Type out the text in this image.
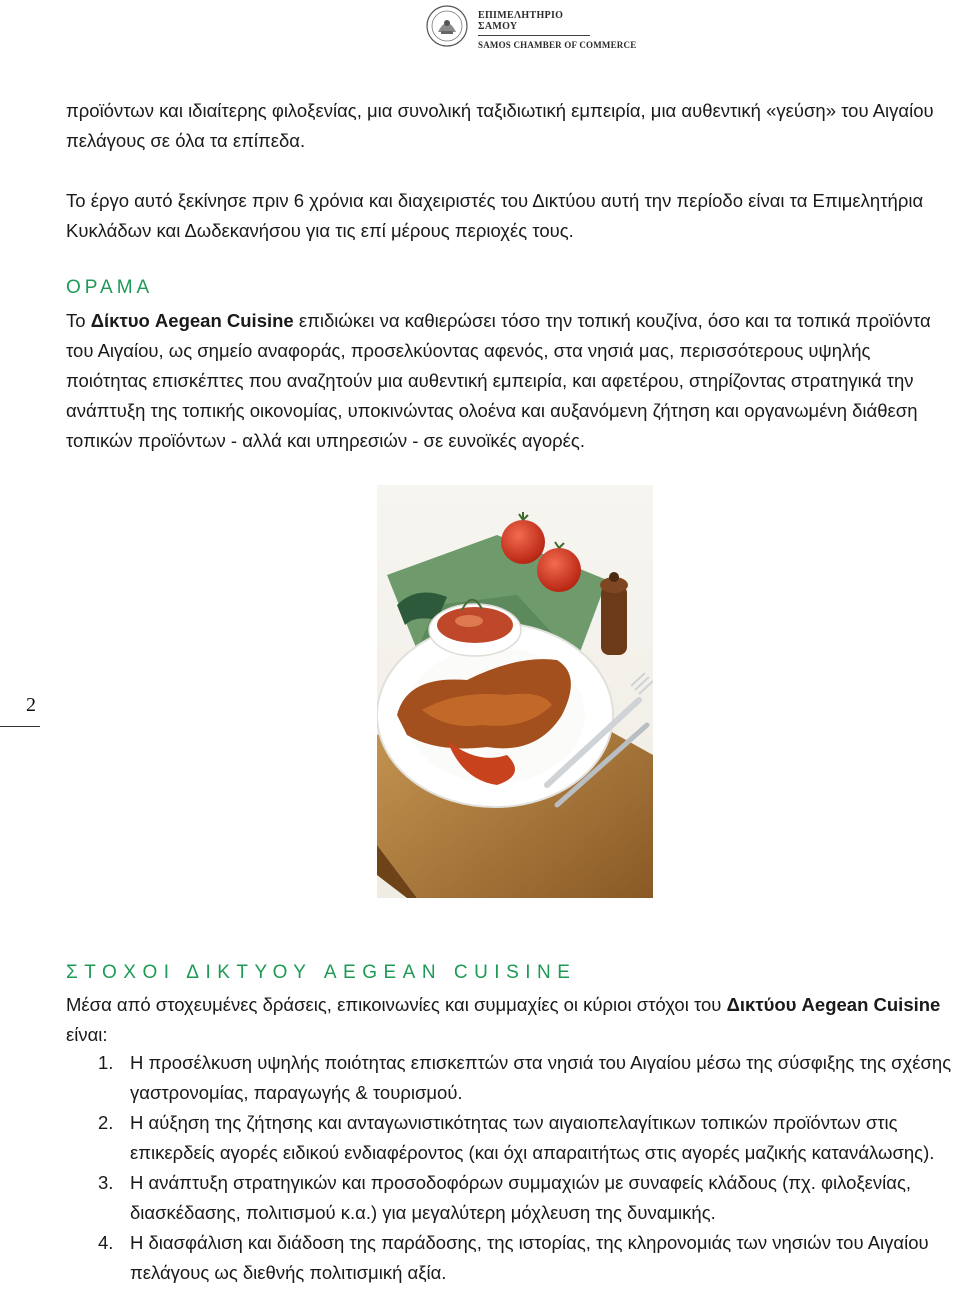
ΕΠΙΜΕΛΗΤΗΡΙΟ ΣΑΜΟΥ
SAMOS CHAMBER OF COMMERCE

προϊόντων και ιδιαίτερης φιλοξενίας, μια συνολική ταξιδιωτική εμπειρία, μια αυθεντική «γεύση» του Αιγαίου πελάγους σε όλα τα επίπεδα.

Το έργο αυτό ξεκίνησε πριν 6 χρόνια και διαχειριστές του Δικτύου αυτή την περίοδο είναι τα Επιμελητήρια Κυκλάδων και Δωδεκανήσου για τις επί μέρους περιοχές τους.

ΟΡΑΜΑ

Το Δίκτυο Aegean Cuisine επιδιώκει να καθιερώσει τόσο την τοπική κουζίνα, όσο και τα τοπικά προϊόντα του Αιγαίου, ως σημείο αναφοράς, προσελκύοντας αφενός, στα νησιά μας, περισσότερους υψηλής ποιότητας επισκέπτες που αναζητούν μια αυθεντική εμπειρία, και αφετέρου, στηρίζοντας στρατηγικά την ανάπτυξη της τοπικής οικονομίας, υποκινώντας ολοένα και αυξανόμενη ζήτηση και οργανωμένη διάθεση τοπικών προϊόντων - αλλά και υπηρεσιών - σε ευνοϊκές αγορές.

2
ΣΤΟΧΟΙ ΔΙΚΤΥΟΥ AEGEAN CUISINE

Μέσα από στοχευμένες δράσεις, επικοινωνίες και συμμαχίες οι κύριοι στόχοι του Δικτύου Aegean Cuisine είναι:

1. Η προσέλκυση υψηλής ποιότητας επισκεπτών στα νησιά του Αιγαίου μέσω της σύσφιξης της σχέσης γαστρονομίας, παραγωγής & τουρισμού.
2. Η αύξηση της ζήτησης και ανταγωνιστικότητας των αιγαιοπελαγίτικων τοπικών προϊόντων στις επικερδείς αγορές ειδικού ενδιαφέροντος (και όχι απαραιτήτως στις αγορές μαζικής κατανάλωσης).
3. Η ανάπτυξη στρατηγικών και προσοδοφόρων συμμαχιών με συναφείς κλάδους (πχ. φιλοξενίας, διασκέδασης, πολιτισμού κ.α.) για μεγαλύτερη μόχλευση της δυναμικής.
4. Η διασφάλιση και διάδοση της παράδοσης, της ιστορίας, της κληρονομιάς των νησιών του Αιγαίου πελάγους ως διεθνής πολιτισμική αξία.
